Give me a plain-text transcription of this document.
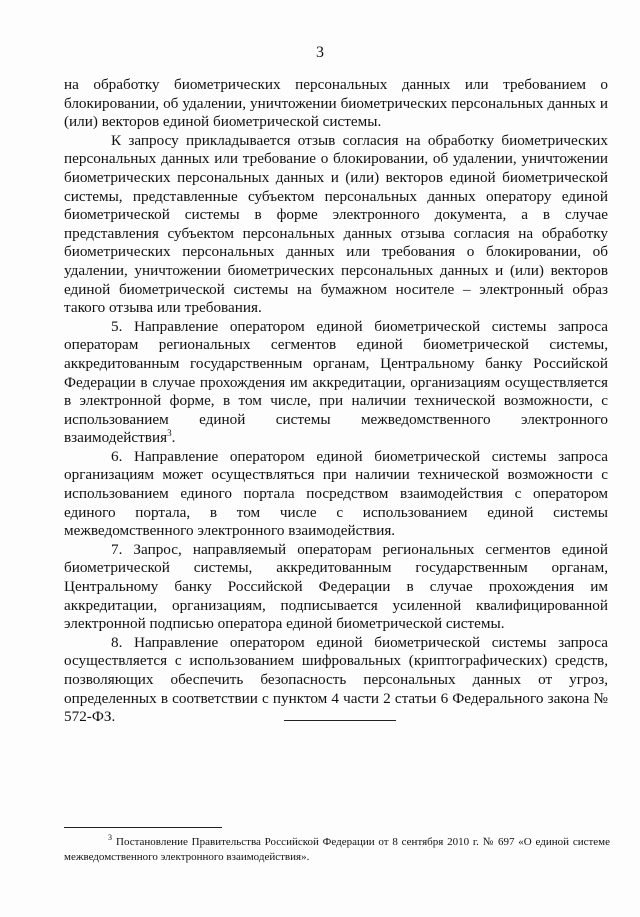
3

на обработку биометрических персональных данных или требованием о блокировании, об удалении, уничтожении биометрических персональных данных и (или) векторов единой биометрической системы.

К запросу прикладывается отзыв согласия на обработку биометрических персональных данных или требование о блокировании, об удалении, уничтожении биометрических персональных данных и (или) векторов единой биометрической системы, представленные субъектом персональных данных оператору единой биометрической системы в форме электронного документа, а в случае представления субъектом персональных данных отзыва согласия на обработку биометрических персональных данных или требования о блокировании, об удалении, уничтожении биометрических персональных данных и (или) векторов единой биометрической системы на бумажном носителе – электронный образ такого отзыва или требования.

5. Направление оператором единой биометрической системы запроса операторам региональных сегментов единой биометрической системы, аккредитованным государственным органам, Центральному банку Российской Федерации в случае прохождения им аккредитации, организациям осуществляется в электронной форме, в том числе, при наличии технической возможности, с использованием единой системы межведомственного электронного взаимодействия$^3$.

6. Направление оператором единой биометрической системы запроса организациям может осуществляться при наличии технической возможности с использованием единого портала посредством взаимодействия с оператором единого портала, в том числе с использованием единой системы межведомственного электронного взаимодействия.

7. Запрос, направляемый операторам региональных сегментов единой биометрической системы, аккредитованным государственным органам, Центральному банку Российской Федерации в случае прохождения им аккредитации, организациям, подписывается усиленной квалифицированной электронной подписью оператора единой биометрической системы.

8. Направление оператором единой биометрической системы запроса осуществляется с использованием шифровальных (криптографических) средств, позволяющих обеспечить безопасность персональных данных от угроз, определенных в соответствии с пунктом 4 части 2 статьи 6 Федерального закона № 572-ФЗ.

$^3$ Постановление Правительства Российской Федерации от 8 сентября 2010 г. № 697 «О единой системе межведомственного электронного взаимодействия».
